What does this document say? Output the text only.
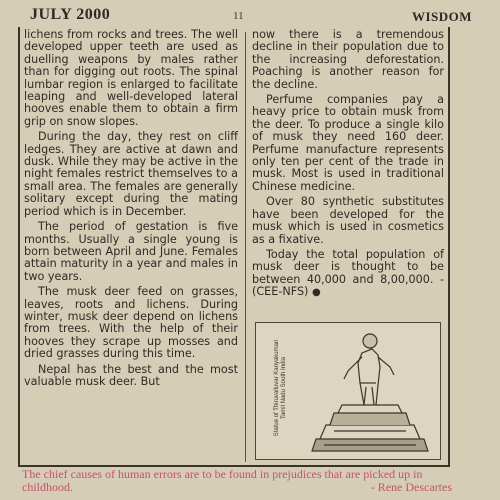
JULY 2000	11	WISDOM

lichens from rocks and trees. The well developed upper teeth are used as duelling weapons by males rather than for digging out roots. The spinal lumbar region is enlarged to facilitate leaping and well-developed lateral hooves enable them to obtain a firm grip on snow slopes.

During the day, they rest on cliff ledges. They are active at dawn and dusk. While they may be active in the night females restrict themselves to a small area. The females are generally solitary except during the mating period which is in December.

The period of gestation is five months. Usually a single young is born between April and June. Females attain maturity in a year and males in two years.

The musk deer feed on grasses, leaves, roots and lichens. During winter, musk deer depend on lichens from trees. With the help of their hooves they scrape up mosses and dried grasses during this time.

Nepal has the best and the most valuable musk deer. But

now there is a tremendous decline in their population due to the increasing deforestation. Poaching is another reason for the decline.

Perfume companies pay a heavy price to obtain musk from the deer. To produce a single kilo of musk they need 160 deer. Perfume manufacture represents only ten per cent of the trade in musk. Most is used in traditional Chinese medicine.

Over 80 synthetic substitutes have been developed for the musk which is used in cosmetics as a fixative.

Today the total population of musk deer is thought to be between 40,000 and 8,00,000. - (CEE-NFS) ●

Statue of Thiruvalluvar Kanyakumari Tamil Nadu South India
The chief causes of human errors are to be found in prejudices that are picked up in childhood.	- Rene Descartes
